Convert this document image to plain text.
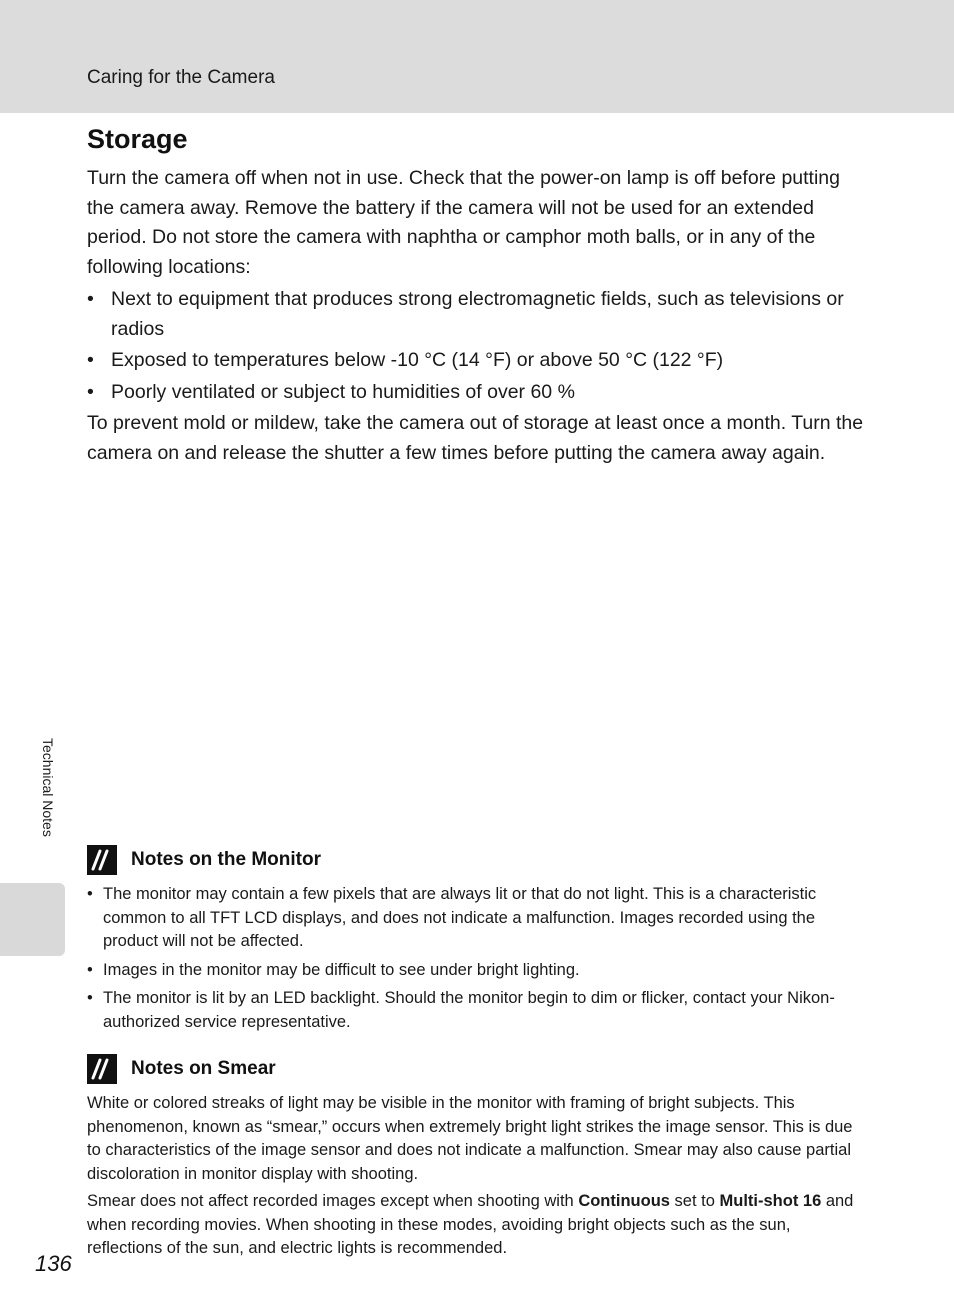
Caring for the Camera
Storage

Turn the camera off when not in use. Check that the power-on lamp is off before putting the camera away. Remove the battery if the camera will not be used for an extended period. Do not store the camera with naphtha or camphor moth balls, or in any of the following locations:

• Next to equipment that produces strong electromagnetic fields, such as televisions or radios
• Exposed to temperatures below -10 °C (14 °F) or above 50 °C (122 °F)
• Poorly ventilated or subject to humidities of over 60 %

To prevent mold or mildew, take the camera out of storage at least once a month. Turn the camera on and release the shutter a few times before putting the camera away again.

Technical Notes
Notes on the Monitor
• The monitor may contain a few pixels that are always lit or that do not light. This is a characteristic common to all TFT LCD displays, and does not indicate a malfunction. Images recorded using the product will not be affected.
• Images in the monitor may be difficult to see under bright lighting.
• The monitor is lit by an LED backlight. Should the monitor begin to dim or flicker, contact your Nikon-authorized service representative.
Notes on Smear

White or colored streaks of light may be visible in the monitor with framing of bright subjects. This phenomenon, known as “smear,” occurs when extremely bright light strikes the image sensor. This is due to characteristics of the image sensor and does not indicate a malfunction. Smear may also cause partial discoloration in monitor display with shooting.

Smear does not affect recorded images except when shooting with Continuous set to Multi-shot 16 and when recording movies. When shooting in these modes, avoiding bright objects such as the sun, reflections of the sun, and electric lights is recommended.

136
